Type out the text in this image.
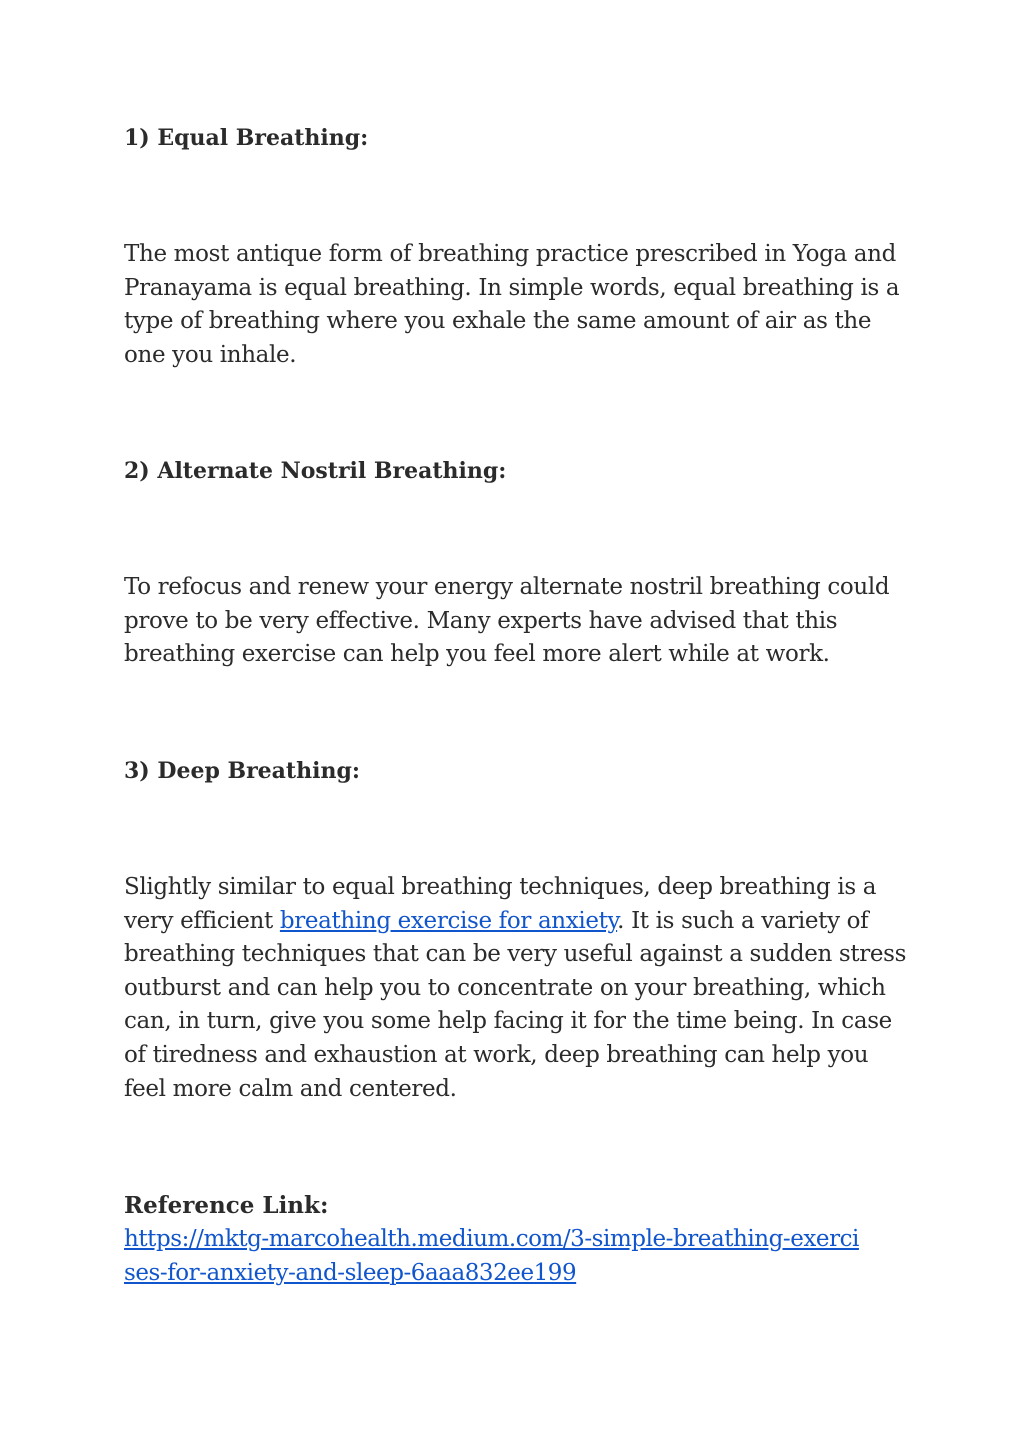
1) Equal Breathing:

The most antique form of breathing practice prescribed in Yoga and
Pranayama is equal breathing. In simple words, equal breathing is a
type of breathing where you exhale the same amount of air as the
one you inhale.

2) Alternate Nostril Breathing:

To refocus and renew your energy alternate nostril breathing could
prove to be very effective. Many experts have advised that this
breathing exercise can help you feel more alert while at work.

3) Deep Breathing:

Slightly similar to equal breathing techniques, deep breathing is a
very efficient breathing exercise for anxiety. It is such a variety of
breathing techniques that can be very useful against a sudden stress
outburst and can help you to concentrate on your breathing, which
can, in turn, give you some help facing it for the time being. In case
of tiredness and exhaustion at work, deep breathing can help you
feel more calm and centered.

Reference Link:

https://mktg-marcohealth.medium.com/3-simple-breathing-exerci
ses-for-anxiety-and-sleep-6aaa832ee199
